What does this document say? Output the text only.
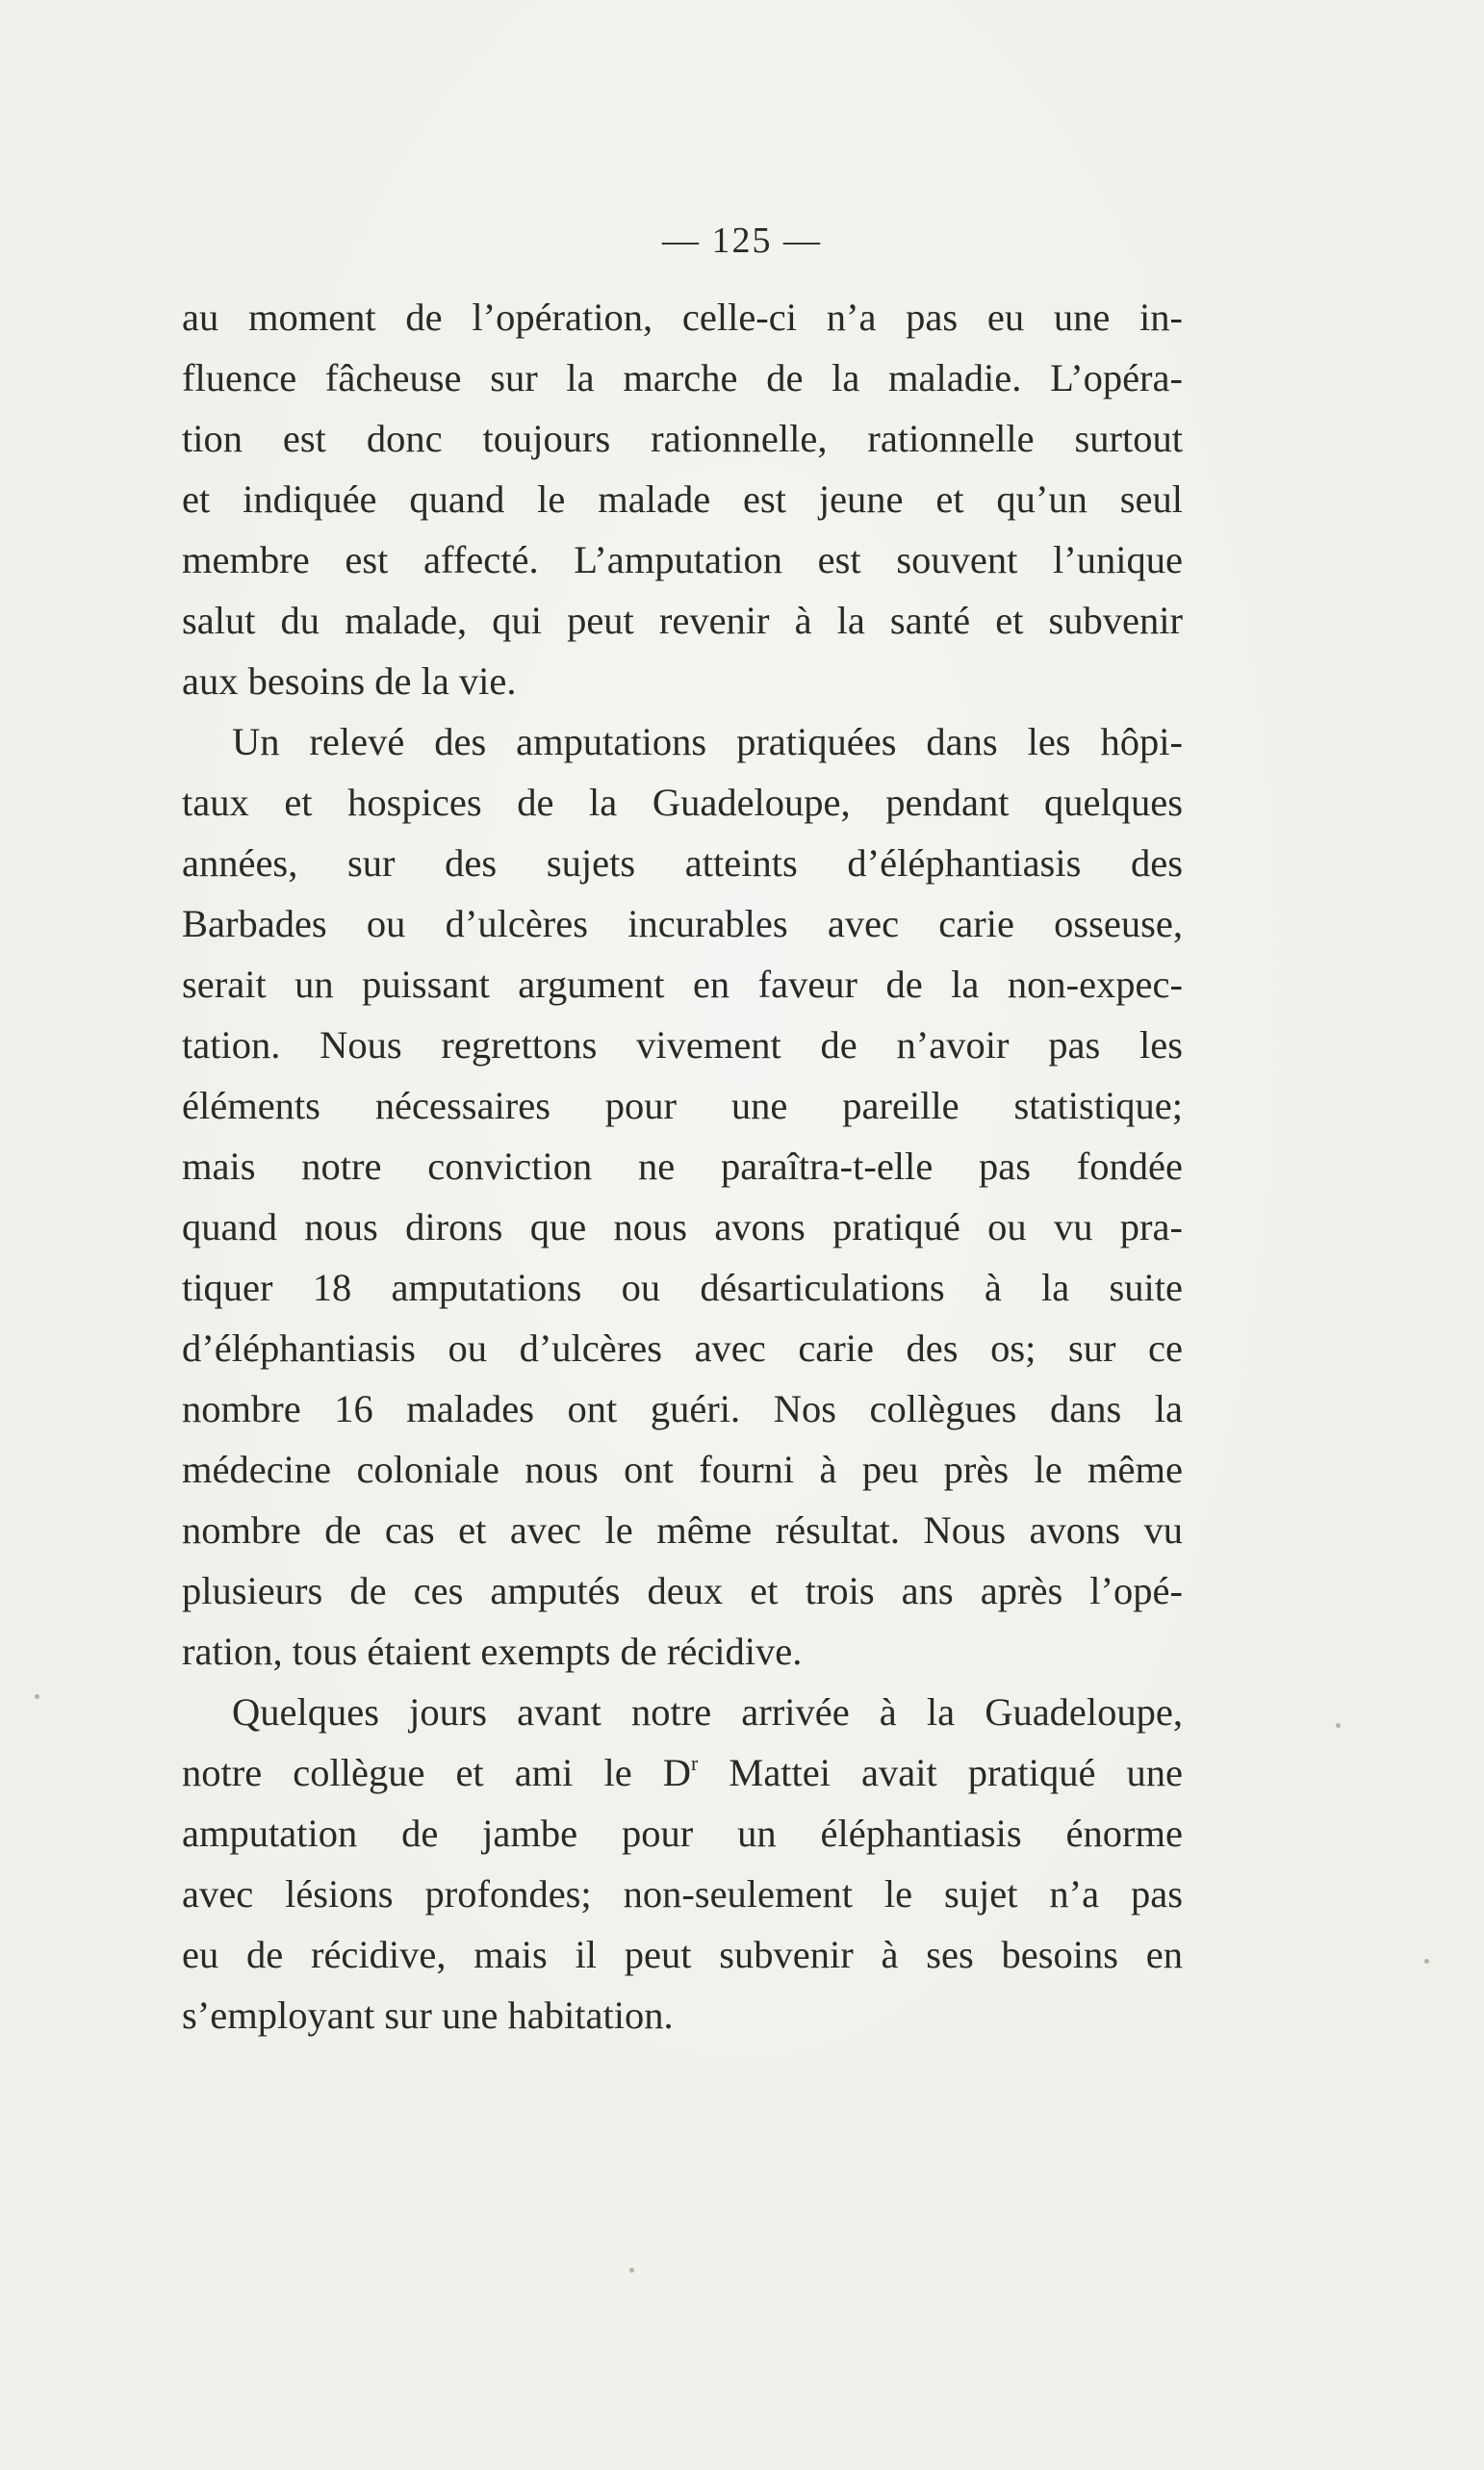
— 125 —
au moment de l’opération, celle-ci n’a pas eu une in-
fluence fâcheuse sur la marche de la maladie. L’opéra-
tion est donc toujours rationnelle, rationnelle surtout
et indiquée quand le malade est jeune et qu’un seul
membre est affecté. L’amputation est souvent l’unique
salut du malade, qui peut revenir à la santé et subvenir
aux besoins de la vie.
Un relevé des amputations pratiquées dans les hôpi-
taux et hospices de la Guadeloupe, pendant quelques
années, sur des sujets atteints d’éléphantiasis des
Barbades ou d’ulcères incurables avec carie osseuse,
serait un puissant argument en faveur de la non-expec-
tation. Nous regrettons vivement de n’avoir pas les
éléments nécessaires pour une pareille statistique;
mais notre conviction ne paraîtra-t-elle pas fondée
quand nous dirons que nous avons pratiqué ou vu pra-
tiquer 18 amputations ou désarticulations à la suite
d’éléphantiasis ou d’ulcères avec carie des os; sur ce
nombre 16 malades ont guéri. Nos collègues dans la
médecine coloniale nous ont fourni à peu près le même
nombre de cas et avec le même résultat. Nous avons vu
plusieurs de ces amputés deux et trois ans après l’opé-
ration, tous étaient exempts de récidive.
Quelques jours avant notre arrivée à la Guadeloupe,
notre collègue et ami le $D^r$ Mattei avait pratiqué une
amputation de jambe pour un éléphantiasis énorme
avec lésions profondes; non-seulement le sujet n’a pas
eu de récidive, mais il peut subvenir à ses besoins en
s’employant sur une habitation.
